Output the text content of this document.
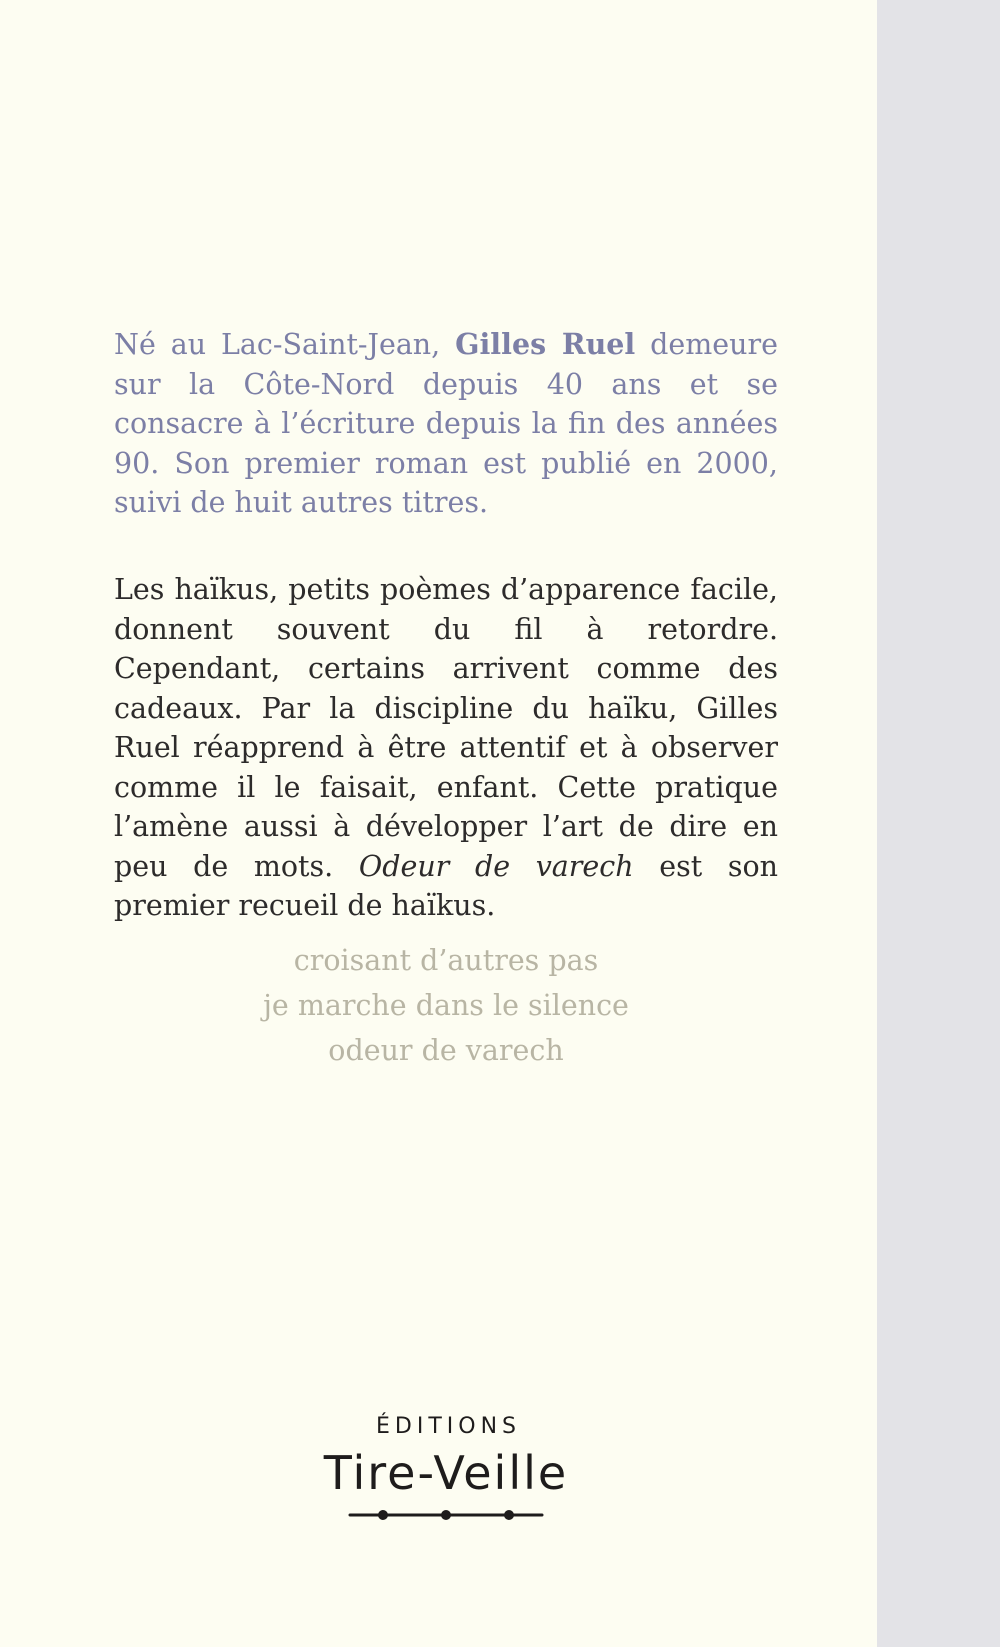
Né au Lac-Saint-Jean, Gilles Ruel demeure sur la Côte-Nord depuis 40 ans et se consacre à l’écriture depuis la fin des années 90. Son premier roman est publié en 2000, suivi de huit autres titres.

Les haïkus, petits poèmes d’apparence facile, donnent souvent du fil à retordre. Cependant, certains arrivent comme des cadeaux. Par la discipline du haïku, Gilles Ruel réapprend à être attentif et à observer comme il le faisait, enfant. Cette pratique l’amène aussi à développer l’art de dire en peu de mots. Odeur de varech est son premier recueil de haïkus.

croisant d’autres pas
je marche dans le silence
odeur de varech
ÉDITIONS
Tire-Veille
